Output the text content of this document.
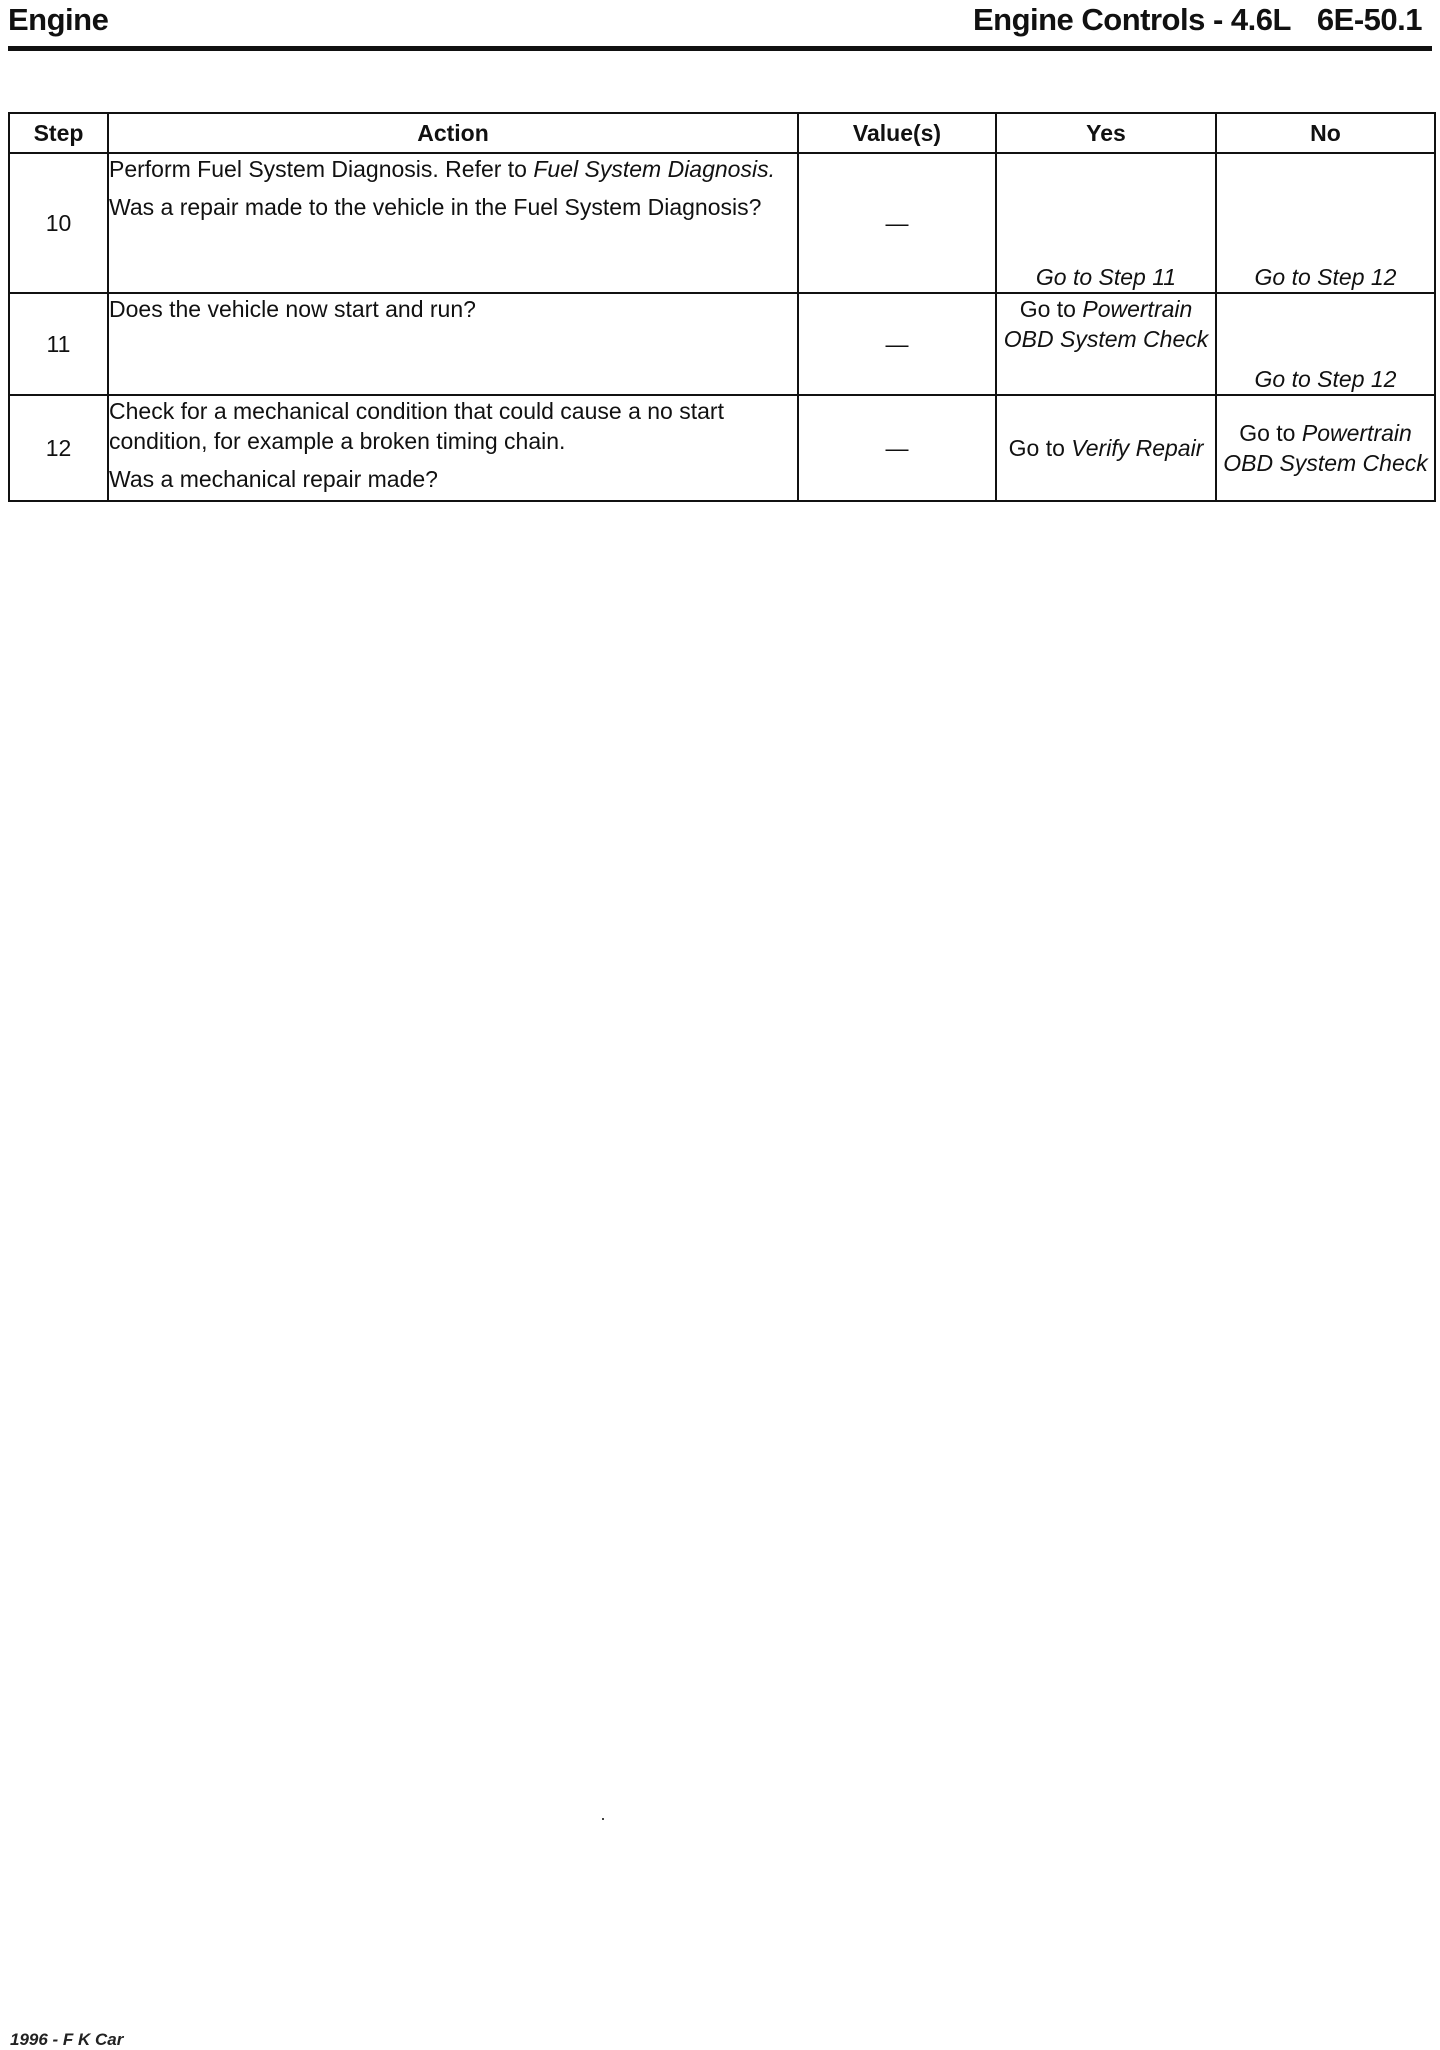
Engine	Engine Controls - 4.6L 6E-50.1
Step	Action	Value(s)	Yes	No
10	Perform Fuel System Diagnosis. Refer to Fuel System Diagnosis.

Was a repair made to the vehicle in the Fuel System Diagnosis?	—	Go to Step 11	Go to Step 12
11	Does the vehicle now start and run?	—	Go to Powertrain OBD System Check	Go to Step 12
12	Check for a mechanical condition that could cause a no start condition, for example a broken timing chain.

Was a mechanical repair made?	—	Go to Verify Repair	Go to Powertrain OBD System Check
1996 - F K Car
